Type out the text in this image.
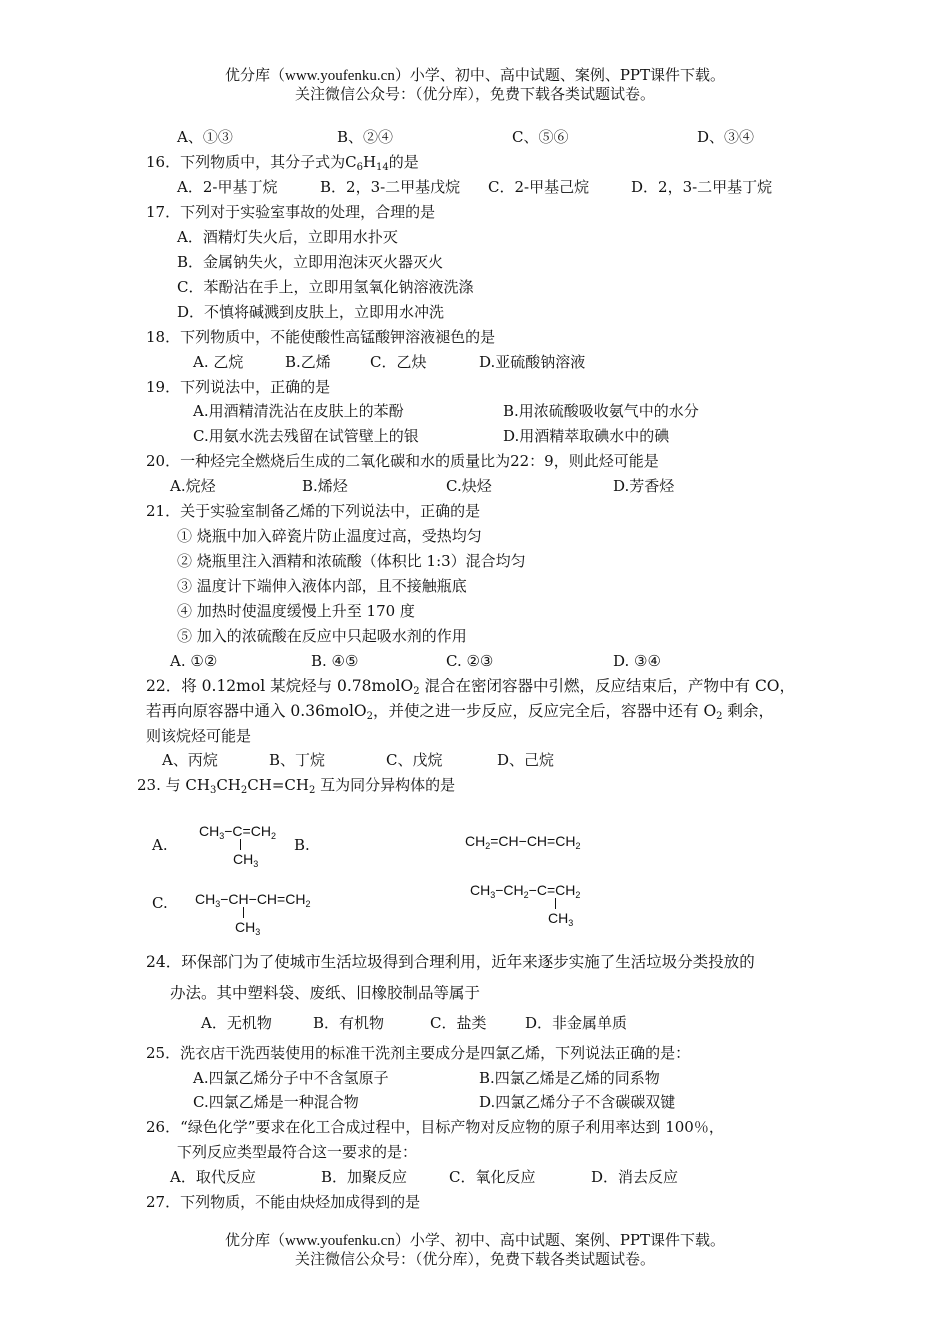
优分库（www.youfenku.cn）小学、初中、高中试题、案例、PPT课件下载。
关注微信公众号：（优分库），免费下载各类试题试卷。
A、①③	B、②④	C、⑤⑥	D、③④
16．下列物质中，其分子式为$C_6H_{14}$的是
A．2-甲基丁烷	B．2，3-二甲基戊烷 C．2-甲基己烷	D．2，3-二甲基丁烷
17．下列对于实验室事故的处理，合理的是
A．酒精灯失火后，立即用水扑灭
B．金属钠失火，立即用泡沫灭火器灭火
C．苯酚沾在手上，立即用氢氧化钠溶液洗涤
D．不慎将碱溅到皮肤上，立即用水冲洗
18．下列物质中，不能使酸性高锰酸钾溶液褪色的是
A. 乙烷	B.乙烯	C．乙炔	D.亚硫酸钠溶液
19．下列说法中，正确的是
A.用酒精清洗沾在皮肤上的苯酚	B.用浓硫酸吸收氨气中的水分
C.用氨水洗去残留在试管壁上的银	D.用酒精萃取碘水中的碘
20．一种烃完全燃烧后生成的二氧化碳和水的质量比为22：9，则此烃可能是
A.烷烃	B.烯烃	C.炔烃	D.芳香烃
21．关于实验室制备乙烯的下列说法中，正确的是
① 烧瓶中加入碎瓷片防止温度过高，受热均匀
② 烧瓶里注入酒精和浓硫酸（体积比 1:3）混合均匀
③ 温度计下端伸入液体内部，且不接触瓶底
④ 加热时使温度缓慢上升至 170 度
⑤ 加入的浓硫酸在反应中只起吸水剂的作用
A. ①②	B. ④⑤	C. ②③	D. ③④
22．将 0.12mol 某烷烃与 0.78molO$_2$ 混合在密闭容器中引燃，反应结束后，产物中有 CO，
若再向原容器中通入 0.36molO$_2$，并使之进一步反应，反应完全后，容器中还有 $O_2$ 剩余，
则该烷烃可能是
A、丙烷	B、丁烷	C、戊烷	D、己烷
23. 与 $CH_3CH_2CH=CH_2$ 互为同分异构体的是
A.	B.
C.
$CH_3-C=CH_2$
$CH_3$
$CH_2=CH-CH=CH_2$
$CH_3-CH-CH=CH_2$
$CH_3$
$CH_3-CH_2-C=CH_2$
$CH_3$
24．环保部门为了使城市生活垃圾得到合理利用，近年来逐步实施了生活垃圾分类投放的
办法。其中塑料袋、废纸、旧橡胶制品等属于
A．无机物	B．有机物	C．盐类	D．非金属单质
25．洗衣店干洗西装使用的标准干洗剂主要成分是四氯乙烯，下列说法正确的是：
A.四氯乙烯分子中不含氢原子	B.四氯乙烯是乙烯的同系物
C.四氯乙烯是一种混合物	D.四氯乙烯分子不含碳碳双键
26．“绿色化学”要求在化工合成过程中，目标产物对反应物的原子利用率达到 100％，
下列反应类型最符合这一要求的是：
A．取代反应	B．加聚反应	C．氧化反应	D．消去反应
27．下列物质，不能由炔烃加成得到的是
优分库（www.youfenku.cn）小学、初中、高中试题、案例、PPT课件下载。
关注微信公众号：（优分库），免费下载各类试题试卷。
